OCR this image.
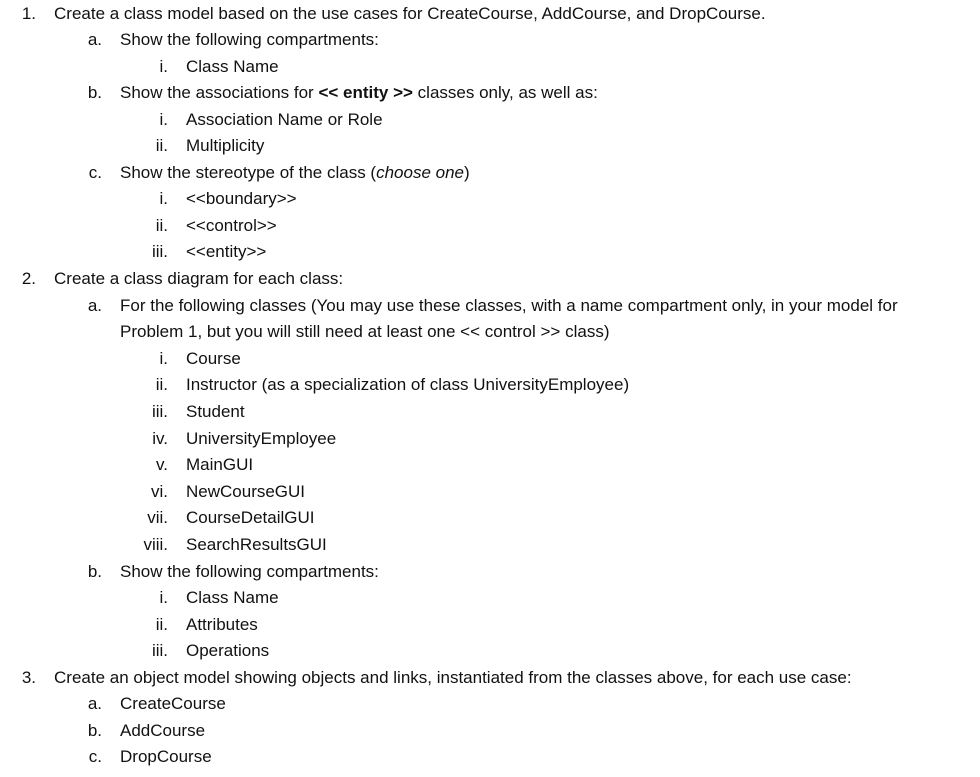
1. Create a class model based on the use cases for CreateCourse, AddCourse, and DropCourse.
a. Show the following compartments:
i. Class Name
b. Show the associations for << entity >> classes only, as well as:
i. Association Name or Role
ii. Multiplicity
c. Show the stereotype of the class (choose one)
i. <<boundary>>
ii. <<control>>
iii. <<entity>>
2. Create a class diagram for each class:
a. For the following classes (You may use these classes, with a name compartment only, in your model for
Problem 1, but you will still need at least one << control >> class)
i. Course
ii. Instructor (as a specialization of class UniversityEmployee)
iii. Student
iv. UniversityEmployee
v. MainGUI
vi. NewCourseGUI
vii. CourseDetailGUI
viii. SearchResultsGUI
b. Show the following compartments:
i. Class Name
ii. Attributes
iii. Operations
3. Create an object model showing objects and links, instantiated from the classes above, for each use case:
a. CreateCourse
b. AddCourse
c. DropCourse
